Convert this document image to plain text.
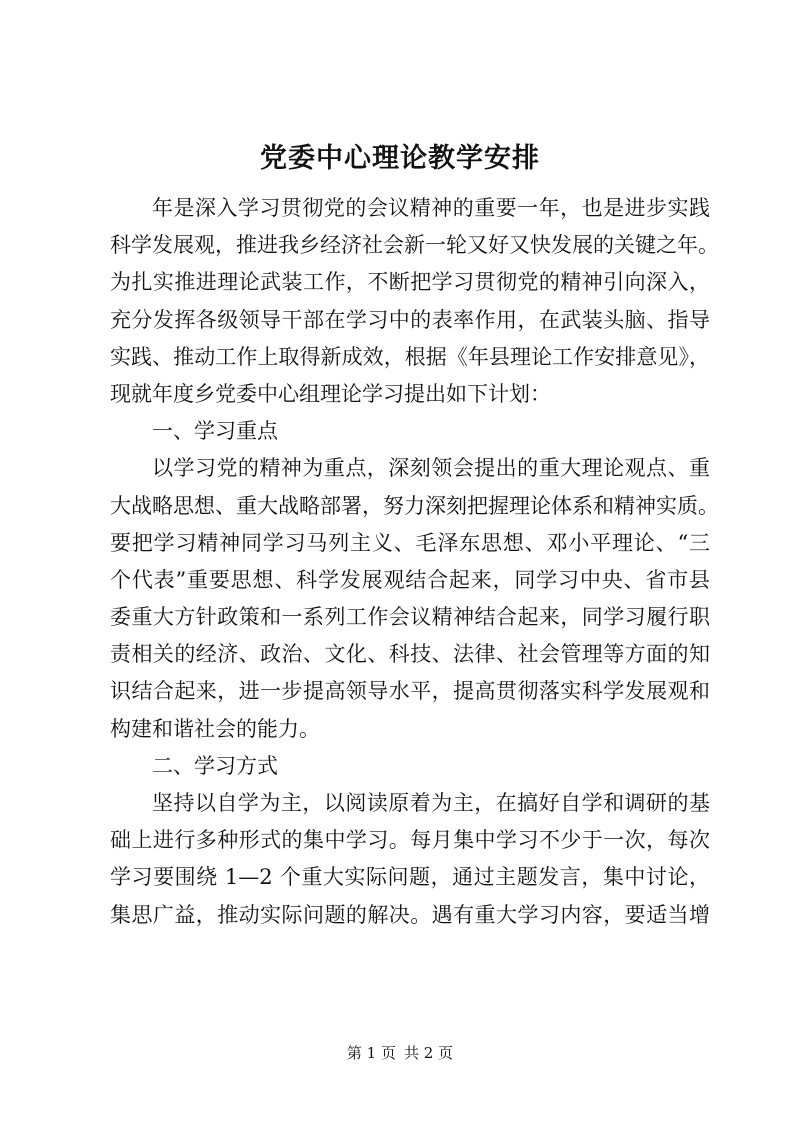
党委中心理论教学安排
年是深入学习贯彻党的会议精神的重要一年，也是进步实践
科学发展观，推进我乡经济社会新一轮又好又快发展的关键之年。
为扎实推进理论武装工作，不断把学习贯彻党的精神引向深入，
充分发挥各级领导干部在学习中的表率作用，在武装头脑、指导
实践、推动工作上取得新成效，根据《年县理论工作安排意见》，
现就年度乡党委中心组理论学习提出如下计划：
一、学习重点
以学习党的精神为重点，深刻领会提出的重大理论观点、重
大战略思想、重大战略部署，努力深刻把握理论体系和精神实质。
要把学习精神同学习马列主义、毛泽东思想、邓小平理论、“三
个代表”重要思想、科学发展观结合起来，同学习中央、省市县
委重大方针政策和一系列工作会议精神结合起来，同学习履行职
责相关的经济、政治、文化、科技、法律、社会管理等方面的知
识结合起来，进一步提高领导水平，提高贯彻落实科学发展观和
构建和谐社会的能力。
二、学习方式
坚持以自学为主，以阅读原着为主，在搞好自学和调研的基
础上进行多种形式的集中学习。每月集中学习不少于一次，每次
学习要围绕 1—2 个重大实际问题，通过主题发言，集中讨论，
集思广益，推动实际问题的解决。遇有重大学习内容，要适当增
第 1 页 共 2 页
